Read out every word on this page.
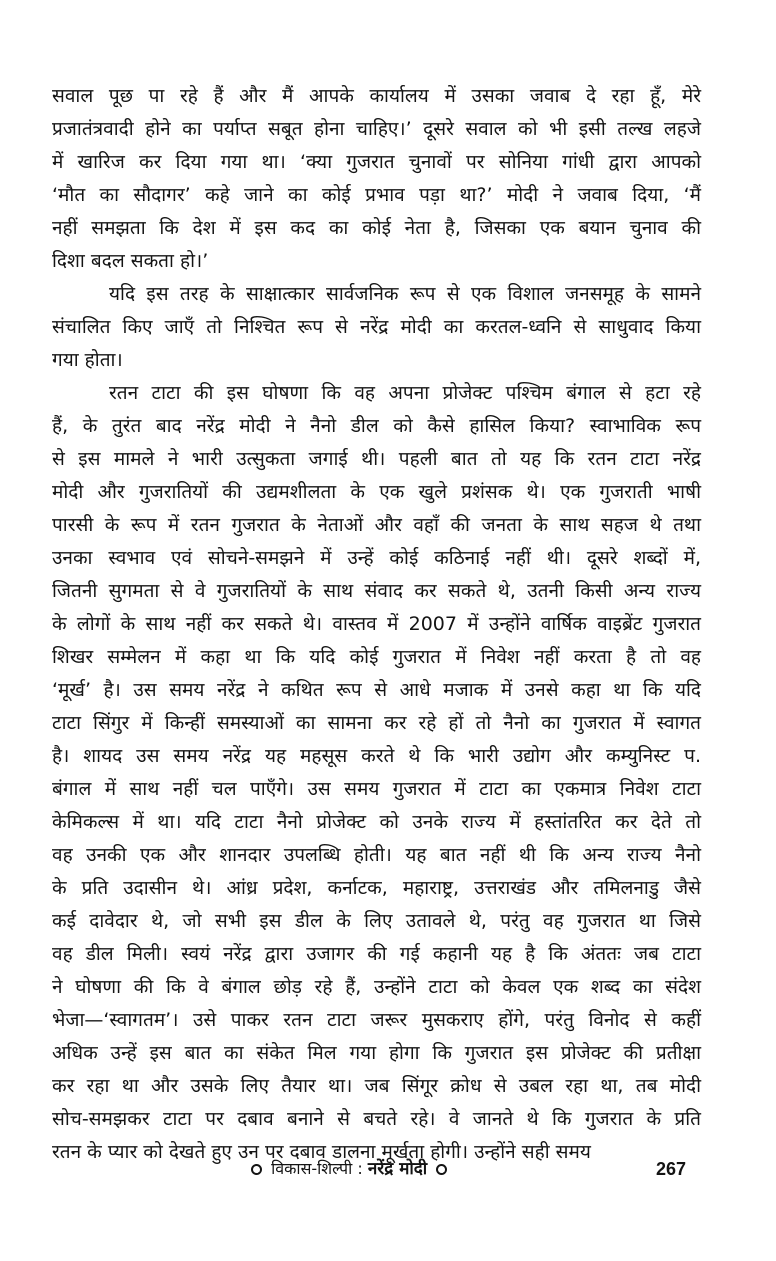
सवाल पूछ पा रहे हैं और मैं आपके कार्यालय में उसका जवाब दे रहा हूँ, मेरे
प्रजातंत्रवादी होने का पर्याप्त सबूत होना चाहिए।’ दूसरे सवाल को भी इसी तल्ख लहजे
में खारिज कर दिया गया था। ‘क्या गुजरात चुनावों पर सोनिया गांधी द्वारा आपको
‘मौत का सौदागर’ कहे जाने का कोई प्रभाव पड़ा था?’ मोदी ने जवाब दिया, ‘मैं
नहीं समझता कि देश में इस कद का कोई नेता है, जिसका एक बयान चुनाव की
दिशा बदल सकता हो।’
यदि इस तरह के साक्षात्कार सार्वजनिक रूप से एक विशाल जनसमूह के सामने
संचालित किए जाएँ तो निश्चित रूप से नरेंद्र मोदी का करतल-ध्वनि से साधुवाद किया
गया होता।
रतन टाटा की इस घोषणा कि वह अपना प्रोजेक्ट पश्चिम बंगाल से हटा रहे
हैं, के तुरंत बाद नरेंद्र मोदी ने नैनो डील को कैसे हासिल किया? स्वाभाविक रूप
से इस मामले ने भारी उत्सुकता जगाई थी। पहली बात तो यह कि रतन टाटा नरेंद्र
मोदी और गुजरातियों की उद्यमशीलता के एक खुले प्रशंसक थे। एक गुजराती भाषी
पारसी के रूप में रतन गुजरात के नेताओं और वहाँ की जनता के साथ सहज थे तथा
उनका स्वभाव एवं सोचने-समझने में उन्हें कोई कठिनाई नहीं थी। दूसरे शब्दों में,
जितनी सुगमता से वे गुजरातियों के साथ संवाद कर सकते थे, उतनी किसी अन्य राज्य
के लोगों के साथ नहीं कर सकते थे। वास्तव में 2007 में उन्होंने वार्षिक वाइब्रेंट गुजरात
शिखर सम्मेलन में कहा था कि यदि कोई गुजरात में निवेश नहीं करता है तो वह
‘मूर्ख’ है। उस समय नरेंद्र ने कथित रूप से आधे मजाक में उनसे कहा था कि यदि
टाटा सिंगुर में किन्हीं समस्याओं का सामना कर रहे हों तो नैनो का गुजरात में स्वागत
है। शायद उस समय नरेंद्र यह महसूस करते थे कि भारी उद्योग और कम्युनिस्ट प.
बंगाल में साथ नहीं चल पाएँगे। उस समय गुजरात में टाटा का एकमात्र निवेश टाटा
केमिकल्स में था। यदि टाटा नैनो प्रोजेक्ट को उनके राज्य में हस्तांतरित कर देते तो
वह उनकी एक और शानदार उपलब्धि होती। यह बात नहीं थी कि अन्य राज्य नैनो
के प्रति उदासीन थे। आंध्र प्रदेश, कर्नाटक, महाराष्ट्र, उत्तराखंड और तमिलनाडु जैसे
कई दावेदार थे, जो सभी इस डील के लिए उतावले थे, परंतु वह गुजरात था जिसे
वह डील मिली। स्वयं नरेंद्र द्वारा उजागर की गई कहानी यह है कि अंततः जब टाटा
ने घोषणा की कि वे बंगाल छोड़ रहे हैं, उन्होंने टाटा को केवल एक शब्द का संदेश
भेजा—‘स्वागतम’। उसे पाकर रतन टाटा जरूर मुसकराए होंगे, परंतु विनोद से कहीं
अधिक उन्हें इस बात का संकेत मिल गया होगा कि गुजरात इस प्रोजेक्ट की प्रतीक्षा
कर रहा था और उसके लिए तैयार था। जब सिंगूर क्रोध से उबल रहा था, तब मोदी
सोच-समझकर टाटा पर दबाव बनाने से बचते रहे। वे जानते थे कि गुजरात के प्रति
रतन के प्यार को देखते हुए उन पर दबाव डालना मूर्खता होगी। उन्होंने सही समय
विकास-शिल्पी : नरेंद्र मोदी	267
